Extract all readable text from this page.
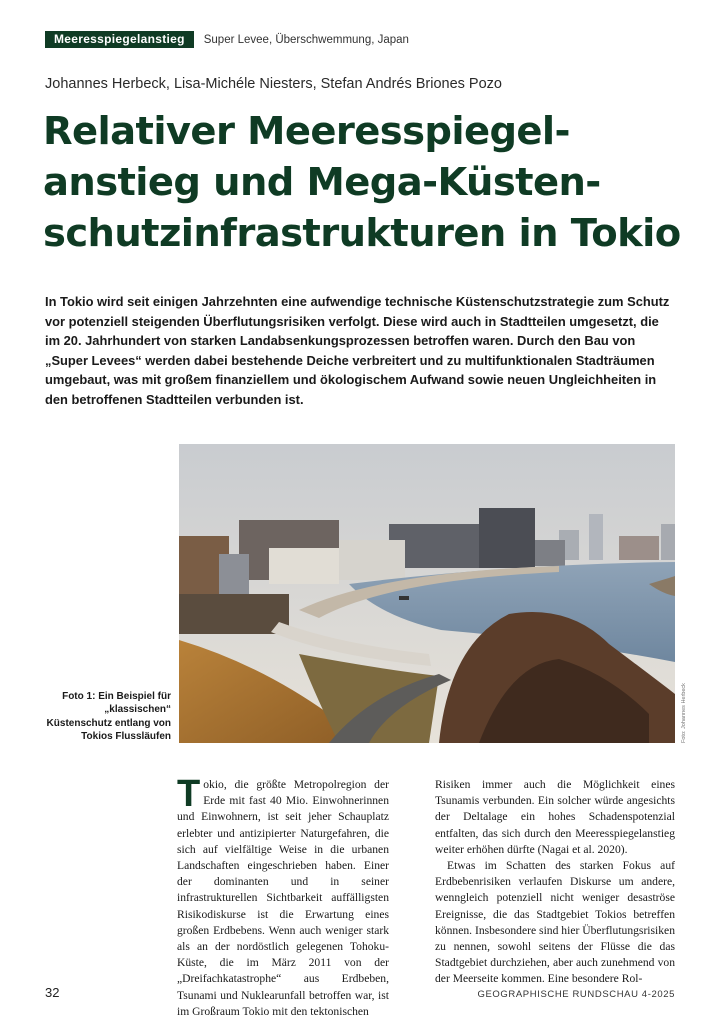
Meeresspiegelanstieg	Super Levee, Überschwemmung, Japan
Johannes Herbeck, Lisa-Michéle Niesters, Stefan Andrés Briones Pozo
Relativer Meeresspiegel-
anstieg und Mega-Küsten-
schutzinfrastrukturen in Tokio

In Tokio wird seit einigen Jahrzehnten eine aufwendige technische Küstenschutzstrategie zum Schutz vor potenziell steigenden Überflutungsrisiken verfolgt. Diese wird auch in Stadtteilen umgesetzt, die im 20. Jahrhundert von starken Landabsenkungsprozessen betroffen waren. Durch den Bau von „Super Levees“ werden dabei bestehende Deiche verbreitert und zu multifunktionalen Stadträumen umgebaut, was mit großem finanziellem und ökologischem Aufwand sowie neuen Ungleichheiten in den betroffenen Stadtteilen verbunden ist.

Foto 1: Ein Beispiel für „klassischen“ Küstenschutz entlang von Tokios Flussläufen	Foto: Johannes Herbeck

Tokio, die größte Metropolregion der Erde mit fast 40 Mio. Einwohnerinnen und Einwohnern, ist seit jeher Schauplatz erlebter und antizipierter Naturgefahren, die sich auf vielfältige Weise in die urbanen Landschaften eingeschrieben haben. Einer der dominanten und in seiner infrastrukturellen Sichtbarkeit auffälligsten Risikodiskurse ist die Erwartung eines großen Erdbebens. Wenn auch weniger stark als an der nordöstlich gelegenen Tohoku-Küste, die im März 2011 von der „Dreifachkatastrophe“ aus Erdbeben, Tsunami und Nuklearunfall betroffen war, ist im Großraum Tokio mit den tektonischen

Risiken immer auch die Möglichkeit eines Tsunamis verbunden. Ein solcher würde angesichts der Deltalage ein hohes Schadenspotenzial entfalten, das sich durch den Meeresspiegelanstieg weiter erhöhen dürfte (Nagai et al. 2020).

Etwas im Schatten des starken Fokus auf Erdbebenrisiken verlaufen Diskurse um andere, wenngleich potenziell nicht weniger desaströse Ereignisse, die das Stadtgebiet Tokios betreffen können. Insbesondere sind hier Überflutungsrisiken zu nennen, sowohl seitens der Flüsse die das Stadtgebiet durchziehen, aber auch zunehmend von der Meerseite kommen. Eine besondere Rol-

32	GEOGRAPHISCHE RUNDSCHAU 4-2025
